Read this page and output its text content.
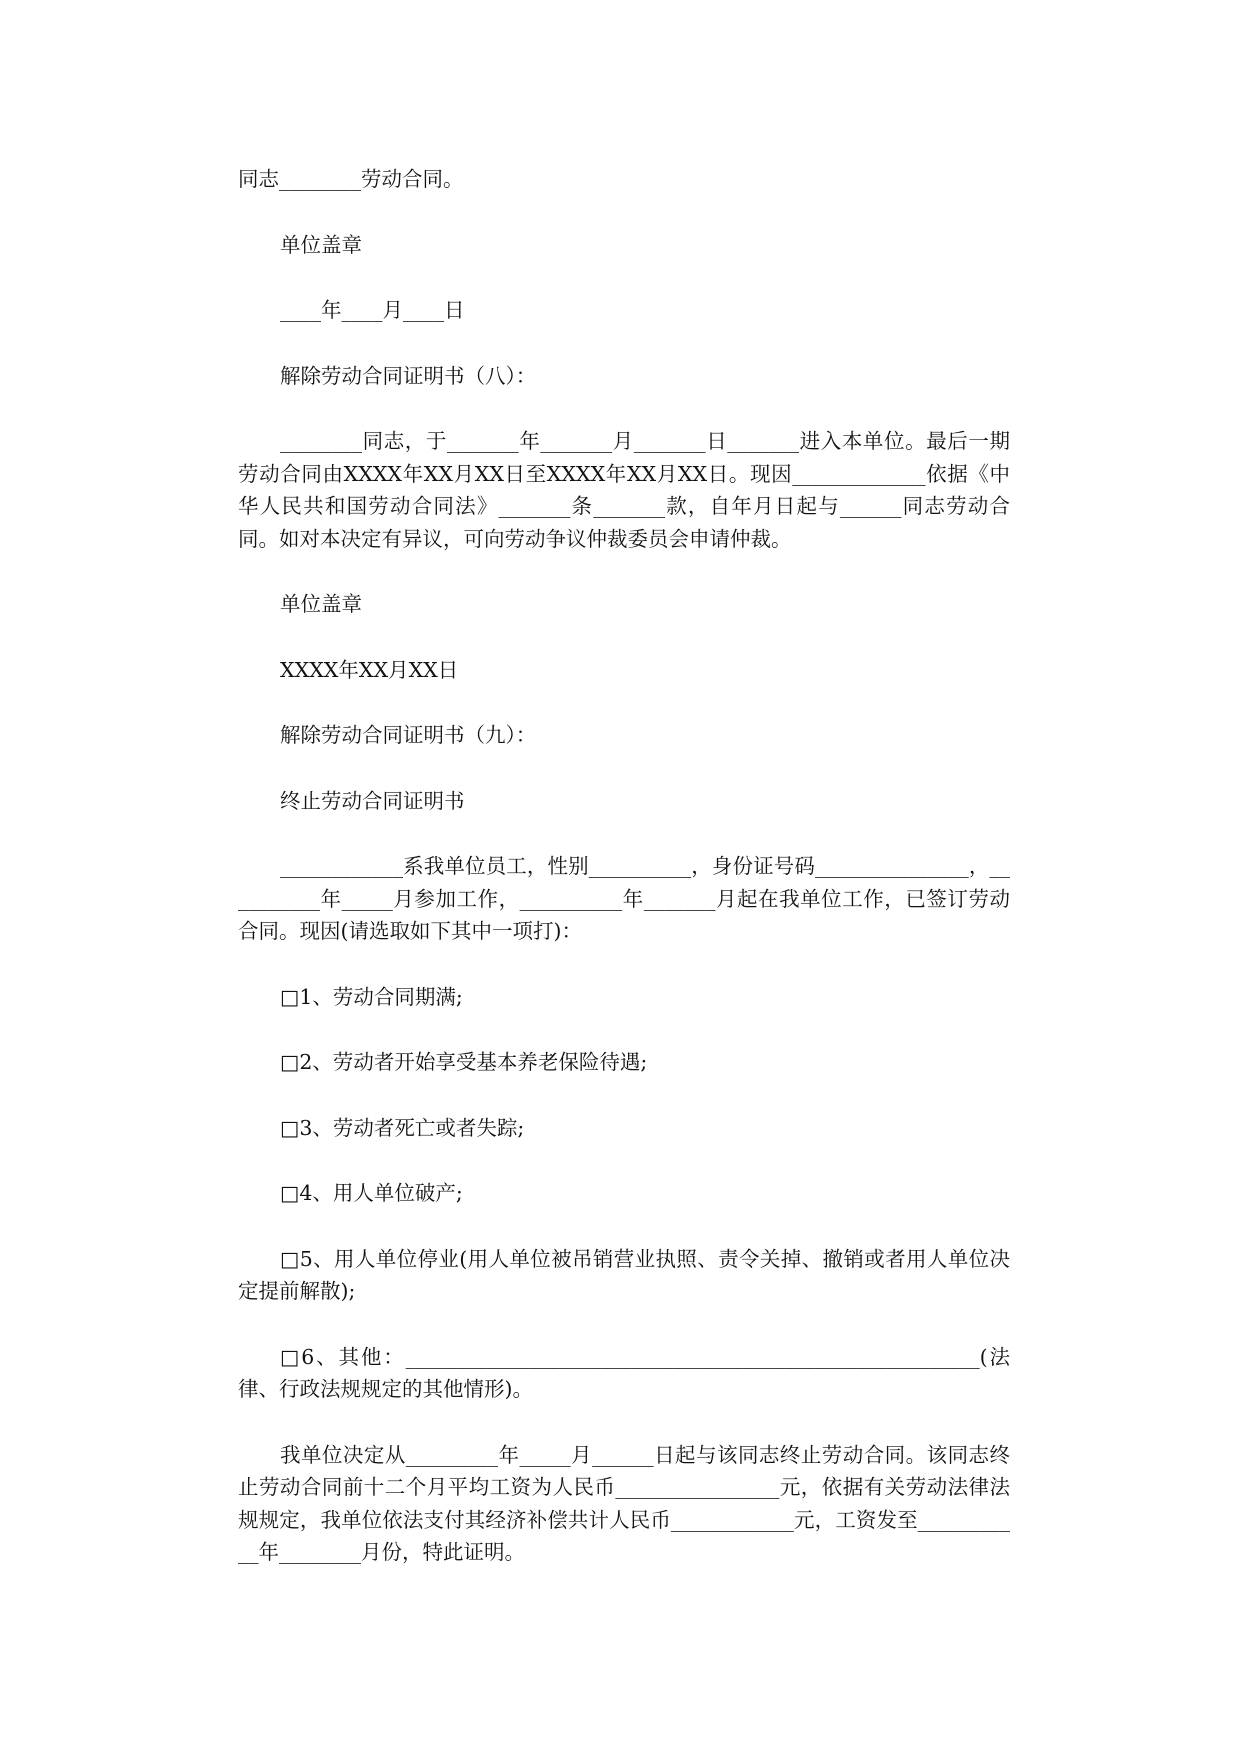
同志________劳动合同。

单位盖章

____年____月____日

解除劳动合同证明书（八）：

________同志，于_______年_______月_______日_______进入本单位。最后一期劳动合同由XXXX年XX月XX日至XXXX年XX月XX日。现因_____________依据《中华人民共和国劳动合同法》_______条_______款，自年月日起与______同志劳动合同。如对本决定有异议，可向劳动争议仲裁委员会申请仲裁。

单位盖章

XXXX年XX月XX日

解除劳动合同证明书（九）：

终止劳动合同证明书

____________系我单位员工，性别__________，身份证号码_______________，__________年_____月参加工作，__________年_______月起在我单位工作，已签订劳动合同。现因(请选取如下其中一项打)：

□1、劳动合同期满;

□2、劳动者开始享受基本养老保险待遇;

□3、劳动者死亡或者失踪;

□4、用人单位破产;

□5、用人单位停业(用人单位被吊销营业执照、责令关掉、撤销或者用人单位决定提前解散);

□6、其他：________________________________________________________(法律、行政法规规定的其他情形)。

我单位决定从_________年_____月______日起与该同志终止劳动合同。该同志终止劳动合同前十二个月平均工资为人民币________________元，依据有关劳动法律法规规定，我单位依法支付其经济补偿共计人民币____________元，工资发至___________年________月份，特此证明。
